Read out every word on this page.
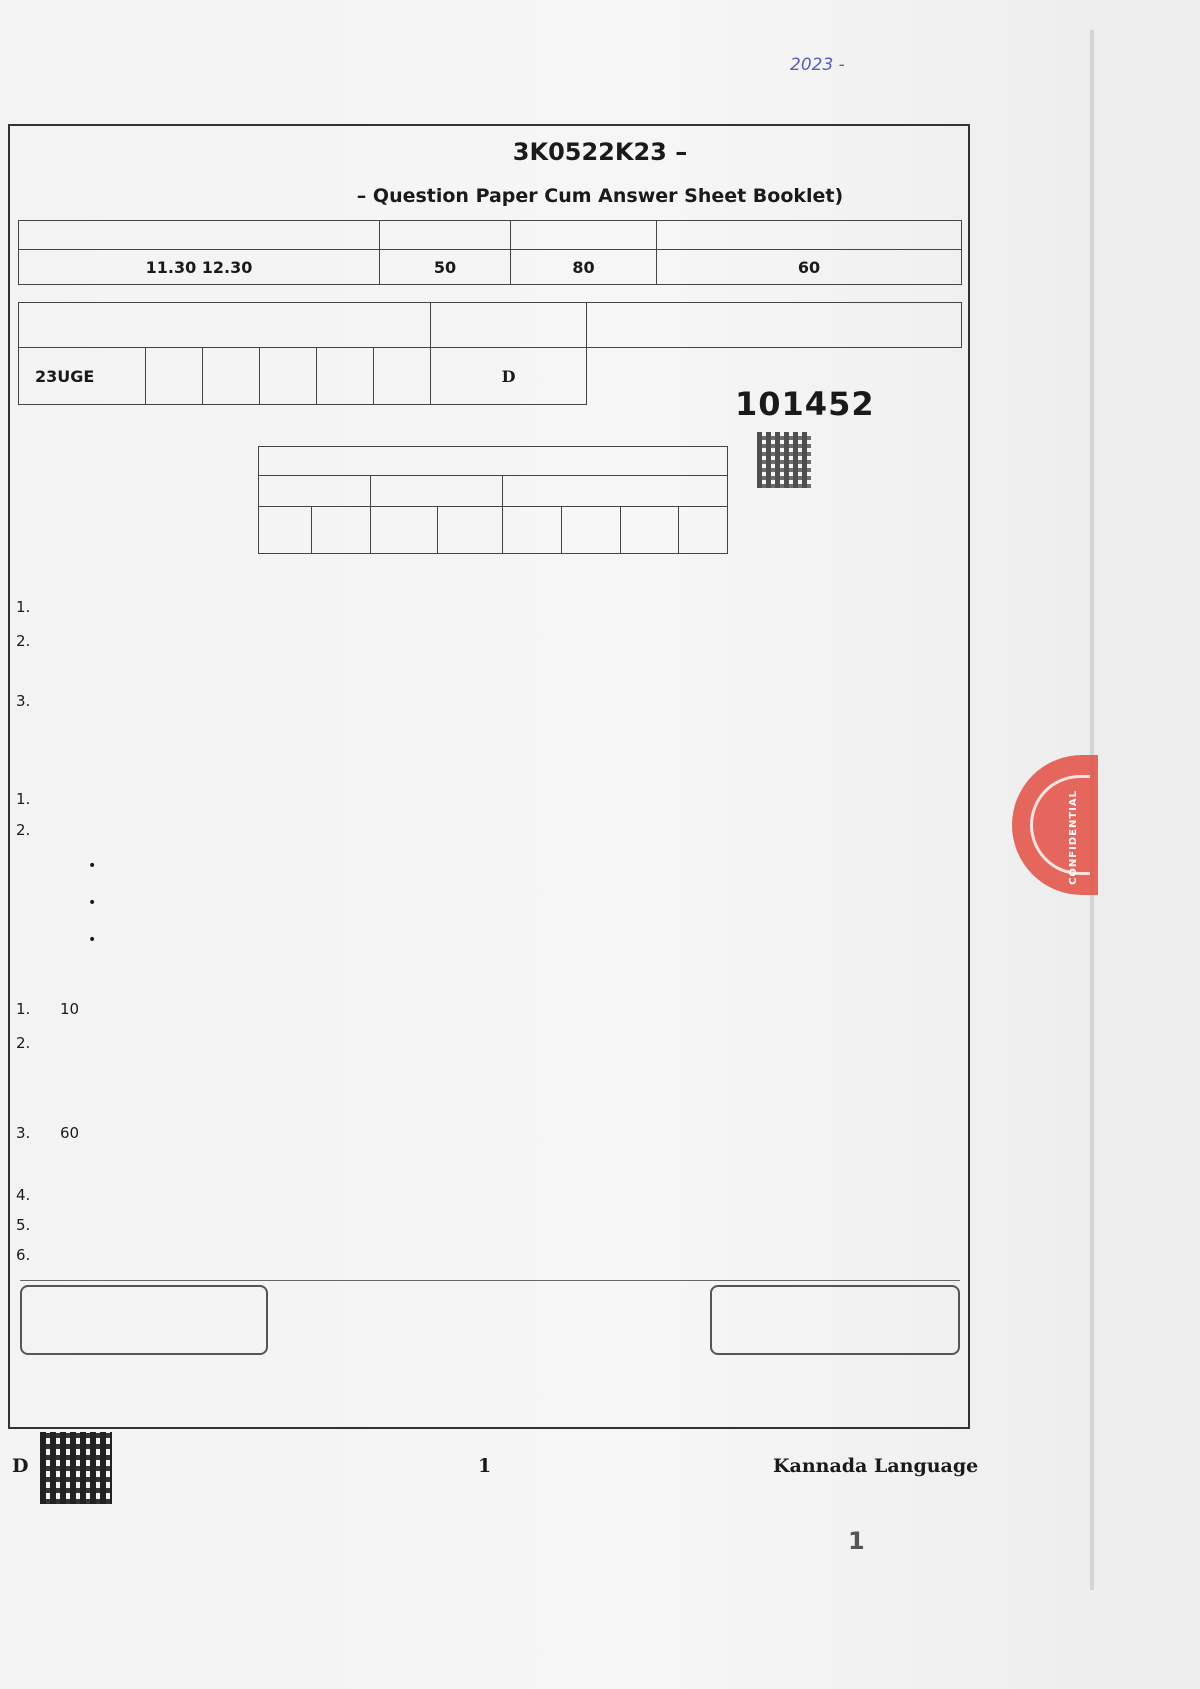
2023 -
3K0522K23 –
– Question Paper Cum Answer Sheet Booklet)

11.30 12.30	50	80	60

23UGE						D	
101452

1.
2.
3.
1.
2.
•
•
•
1. 10
2.
3. 60
4.
5.
6.
CONFIDENTIAL
D	1	Kannada Language
1
